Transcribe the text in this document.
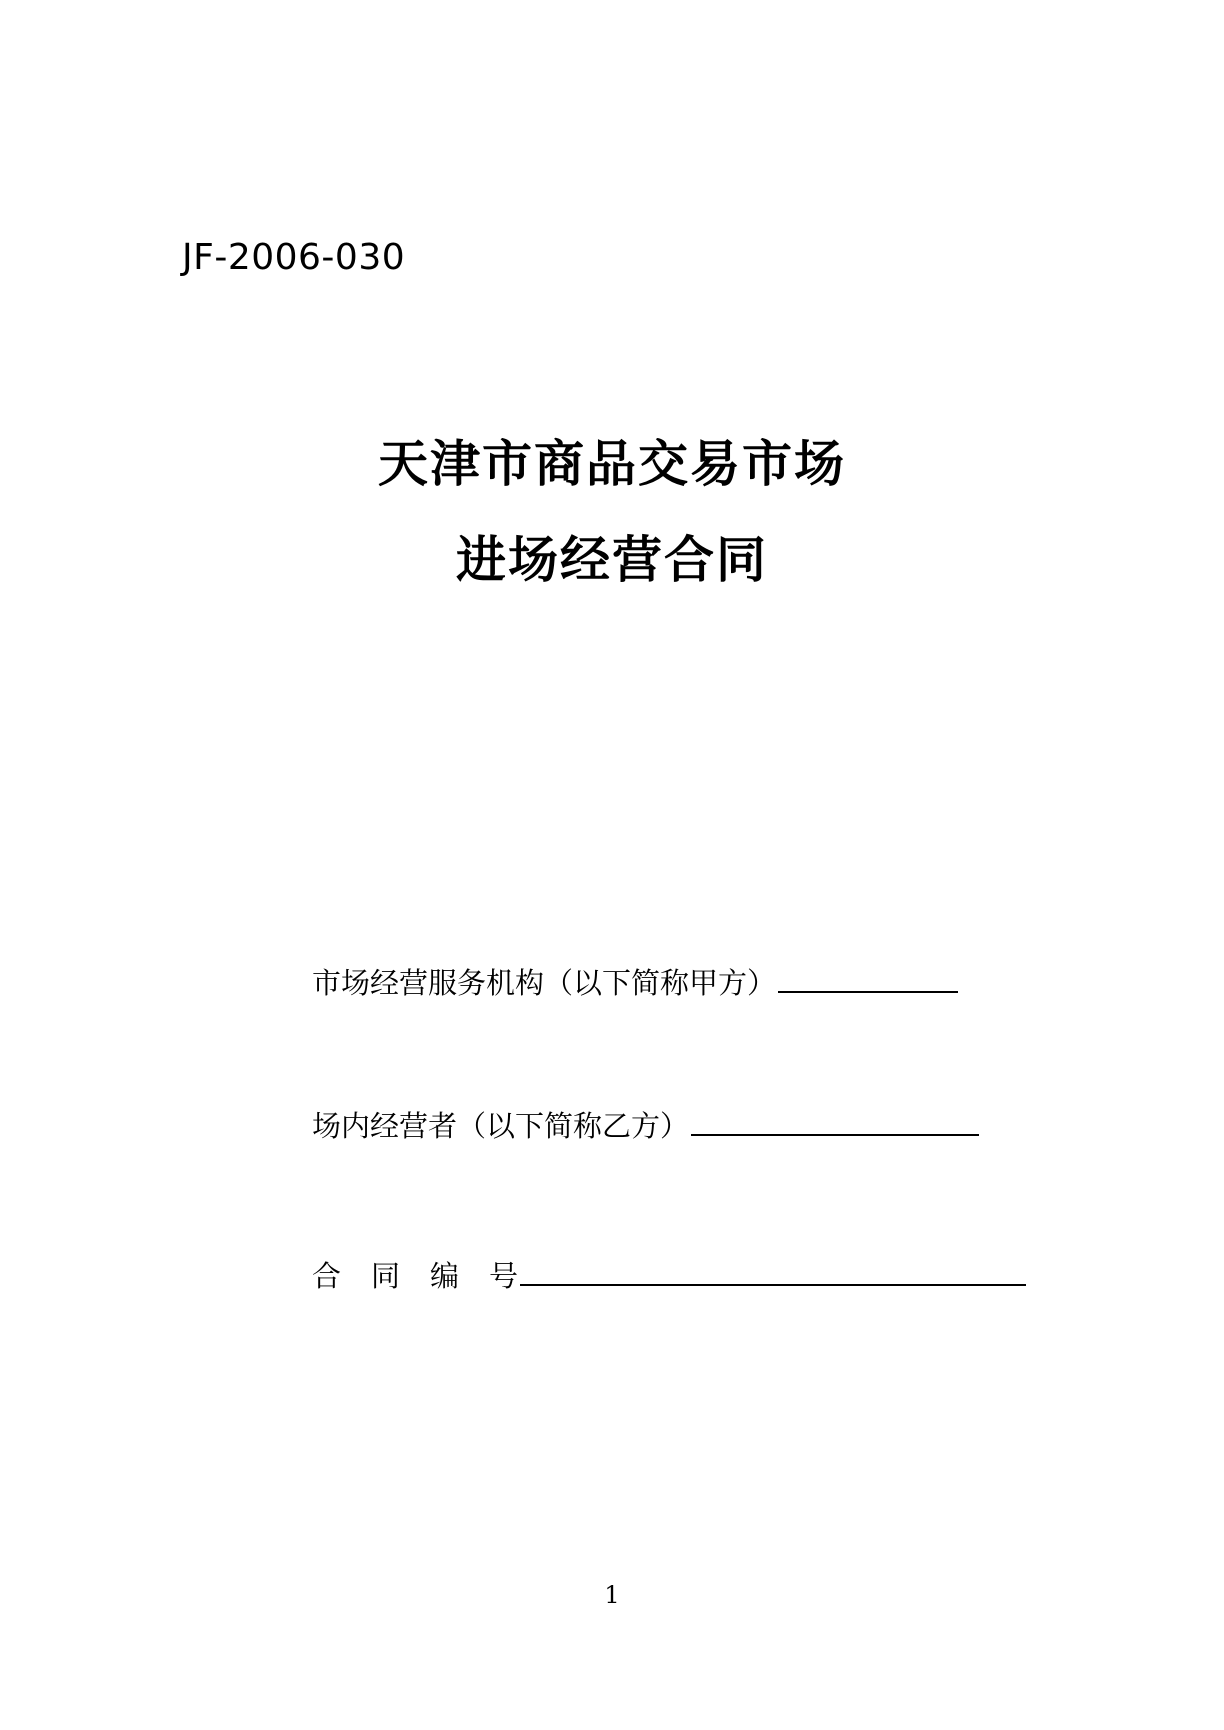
JF-2006-030
天津市商品交易市场
进场经营合同
市场经营服务机构（以下简称甲方）
场内经营者（以下简称乙方）
合同编号
1
